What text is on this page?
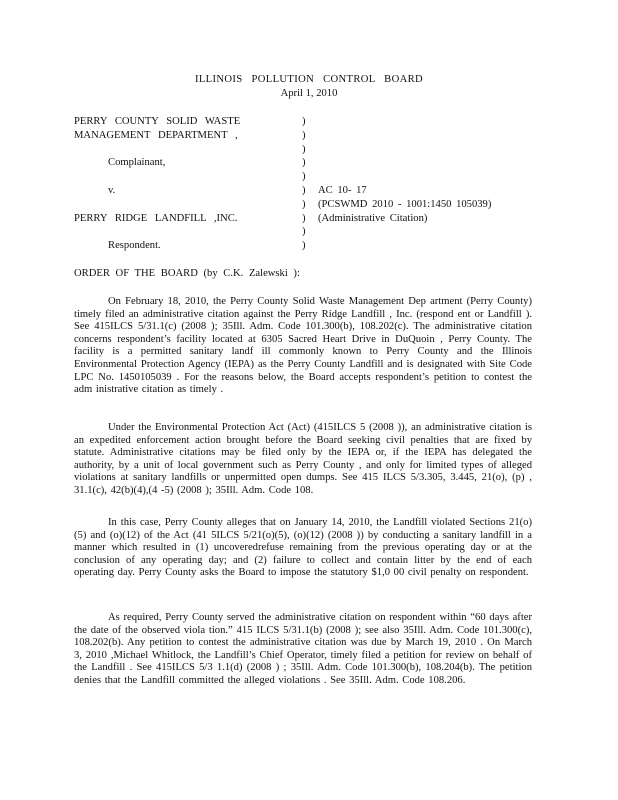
ILLINOIS POLLUTION CONTROL BOARD
April 1, 2010
PERRY COUNTY SOLID WASTE
MANAGEMENT DEPARTMENT ,
Complainant,
v.
PERRY RIDGE LANDFILL ,INC.
Respondent.
)
)
)
)
)
)
)
)
)
)
AC 10- 17
(PCSWMD 2010 - 1001:1450 105039)
(Administrative Citation)
ORDER OF THE BOARD (by C.K. Zalewski ):
On February 18, 2010, the Perry County Solid Waste Management Dep artment (Perry County) timely filed an administrative citation against the Perry Ridge Landfill , Inc. (respond ent or Landfill ). See 415ILCS 5/31.1(c) (2008 ); 35Ill. Adm. Code 101.300(b), 108.202(c). The administrative citation concerns respondent’s facility located at 6305 Sacred Heart Drive in DuQuoin , Perry County. The facility is a permitted sanitary landf ill commonly known to Perry County and the Illinois Environmental Protection Agency (IEPA) as the Perry County Landfill and is designated with Site Code LPC No. 1450105039 . For the reasons below, the Board accepts respondent’s petition to contest the adm inistrative citation as timely .
Under the Environmental Protection Act (Act) (415ILCS 5 (2008 )), an administrative citation is an expedited enforcement action brought before the Board seeking civil penalties that are fixed by statute. Administrative citations may be filed only by the IEPA or, if the IEPA has delegated the authority, by a unit of local government such as Perry County , and only for limited types of alleged violations at sanitary landfills or unpermitted open dumps. See 415 ILCS 5/3.305, 3.445, 21(o), (p) , 31.1(c), 42(b)(4),(4 -5) (2008 ); 35Ill. Adm. Code 108.
In this case, Perry County alleges that on January 14, 2010, the Landfill violated Sections 21(o)(5) and (o)(12) of the Act (41 5ILCS 5/21(o)(5), (o)(12) (2008 )) by conducting a sanitary landfill in a manner which resulted in (1) uncoveredrefuse remaining from the previous operating day or at the conclusion of any operating day; and (2) failure to collect and contain litter by the end of each operating day. Perry County asks the Board to impose the statutory $1,0 00 civil penalty on respondent.
As required, Perry County served the administrative citation on respondent within “60 days after the date of the observed viola tion.” 415 ILCS 5/31.1(b) (2008 ); see also 35Ill. Adm. Code 101.300(c), 108.202(b). Any petition to contest the administrative citation was due by March 19, 2010 . On March 3, 2010 ,Michael Whitlock, the Landfill’s Chief Operator, timely filed a petition for review on behalf of the Landfill . See 415ILCS 5/3 1.1(d) (2008 ) ; 35Ill. Adm. Code 101.300(b), 108.204(b). The petition denies that the Landfill committed the alleged violations . See 35Ill. Adm. Code 108.206.
